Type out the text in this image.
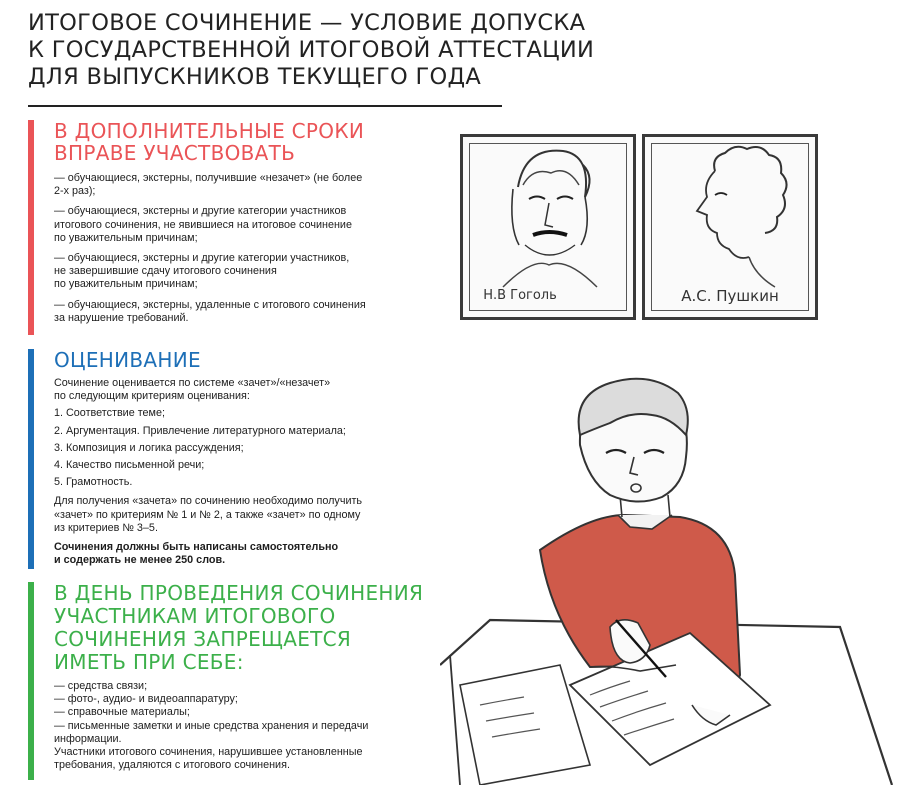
ИТОГОВОЕ СОЧИНЕНИЕ — УСЛОВИЕ ДОПУСКА
К ГОСУДАРСТВЕННОЙ ИТОГОВОЙ АТТЕСТАЦИИ
ДЛЯ ВЫПУСКНИКОВ ТЕКУЩЕГО ГОДА
В ДОПОЛНИТЕЛЬНЫЕ СРОКИ
ВПРАВЕ УЧАСТВОВАТЬ
— обучающиеся, экстерны, получившие «незачет» (не более
2-х раз);
— обучающиеся, экстерны и другие категории участников
итогового сочинения, не явившиеся на итоговое сочинение
по уважительным причинам;
— обучающиеся, экстерны и другие категории участников,
не завершившие сдачу итогового сочинения
по уважительным причинам;
— обучающиеся, экстерны, удаленные с итогового сочинения
за нарушение требований.
ОЦЕНИВАНИЕ

Сочинение оценивается по системе «зачет»/«незачет»
по следующим критериям оценивания:

1. Соответствие теме;

2. Аргументация. Привлечение литературного материала;

3. Композиция и логика рассуждения;

4. Качество письменной речи;

5. Грамотность.

Для получения «зачета» по сочинению необходимо получить
«зачет» по критериям № 1 и № 2, а также «зачет» по одному
из критериев № 3–5.

Сочинения должны быть написаны самостоятельно
и содержать не менее 250 слов.

В ДЕНЬ ПРОВЕДЕНИЯ СОЧИНЕНИЯ
УЧАСТНИКАМ ИТОГОВОГО
СОЧИНЕНИЯ ЗАПРЕЩАЕТСЯ
ИМЕТЬ ПРИ СЕБЕ:

— средства связи;

— фото-, аудио- и видеоаппаратуру;

— справочные материалы;

— письменные заметки и иные средства хранения и передачи
информации.

Участники итогового сочинения, нарушившее установленные
требования, удаляются с итогового сочинения.

Н.В Гоголь	А.С. Пушкин
